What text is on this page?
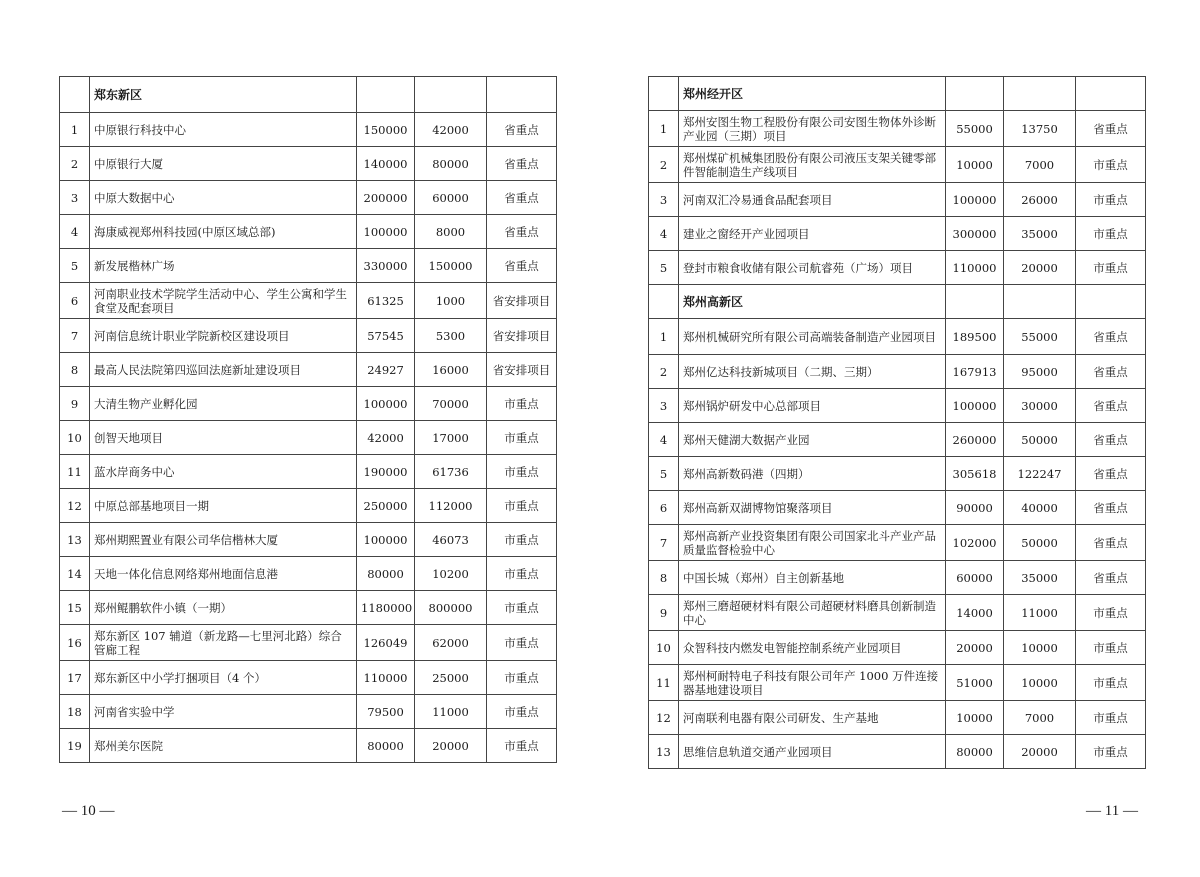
	郑东新区			
1	中原银行科技中心	150000	42000	省重点
2	中原银行大厦	140000	80000	省重点
3	中原大数据中心	200000	60000	省重点
4	海康威视郑州科技园(中原区域总部)	100000	8000	省重点
5	新发展楷林广场	330000	150000	省重点
6	河南职业技术学院学生活动中心、学生公寓和学生食堂及配套项目	61325	1000	省安排项目
7	河南信息统计职业学院新校区建设项目	57545	5300	省安排项目
8	最高人民法院第四巡回法庭新址建设项目	24927	16000	省安排项目
9	大清生物产业孵化园	100000	70000	市重点
10	创智天地项目	42000	17000	市重点
11	蓝水岸商务中心	190000	61736	市重点
12	中原总部基地项目一期	250000	112000	市重点
13	郑州期熙置业有限公司华信楷林大厦	100000	46073	市重点
14	天地一体化信息网络郑州地面信息港	80000	10200	市重点
15	郑州鲲鹏软件小镇（一期）	1180000	800000	市重点
16	郑东新区 107 辅道（新龙路—七里河北路）综合管廊工程	126049	62000	市重点
17	郑东新区中小学打捆项目（4 个）	110000	25000	市重点
18	河南省实验中学	79500	11000	市重点
19	郑州美尔医院	80000	20000	市重点
	郑州经开区			
1	郑州安图生物工程股份有限公司安图生物体外诊断产业园（三期）项目	55000	13750	省重点
2	郑州煤矿机械集团股份有限公司液压支架关键零部件智能制造生产线项目	10000	7000	市重点
3	河南双汇冷易通食品配套项目	100000	26000	市重点
4	建业之窗经开产业园项目	300000	35000	市重点
5	登封市粮食收储有限公司航睿苑（广场）项目	110000	20000	市重点
	郑州高新区			
1	郑州机械研究所有限公司高端装备制造产业园项目	189500	55000	省重点
2	郑州亿达科技新城项目（二期、三期）	167913	95000	省重点
3	郑州锅炉研发中心总部项目	100000	30000	省重点
4	郑州天健湖大数据产业园	260000	50000	省重点
5	郑州高新数码港（四期）	305618	122247	省重点
6	郑州高新双湖博物馆聚落项目	90000	40000	省重点
7	郑州高新产业投资集团有限公司国家北斗产业产品质量监督检验中心	102000	50000	省重点
8	中国长城（郑州）自主创新基地	60000	35000	省重点
9	郑州三磨超硬材料有限公司超硬材料磨具创新制造中心	14000	11000	市重点
10	众智科技内燃发电智能控制系统产业园项目	20000	10000	市重点
11	郑州柯耐特电子科技有限公司年产 1000 万件连接器基地建设项目	51000	10000	市重点
12	河南联利电器有限公司研发、生产基地	10000	7000	市重点
13	思维信息轨道交通产业园项目	80000	20000	市重点
— 10 —	— 11 —
